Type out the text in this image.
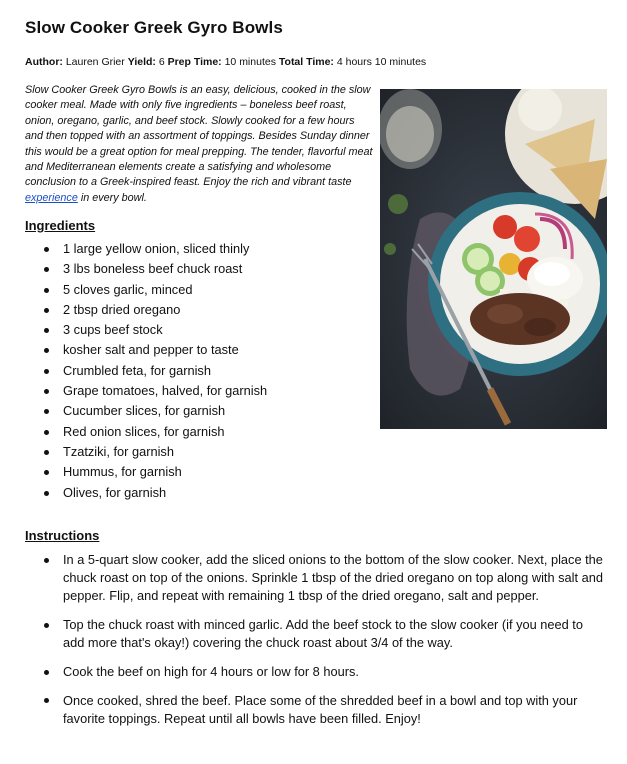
Slow Cooker Greek Gyro Bowls
Author: Lauren Grier Yield: 6 Prep Time: 10 minutes Total Time: 4 hours 10 minutes

Slow Cooker Greek Gyro Bowls is an easy, delicious, cooked in the slow cooker meal. Made with only five ingredients – boneless beef roast, onion, oregano, garlic, and beef stock. Slowly cooked for a few hours and then topped with an assortment of toppings. Besides Sunday dinner this would be a great option for meal prepping. The tender, flavorful meat and Mediterranean elements create a satisfying and wholesome conclusion to a Greek-inspired feast. Enjoy the rich and vibrant taste experience in every bowl.

Ingredients
1 large yellow onion, sliced thinly
3 lbs boneless beef chuck roast
5 cloves garlic, minced
2 tbsp dried oregano
3 cups beef stock
kosher salt and pepper to taste
Crumbled feta, for garnish
Grape tomatoes, halved, for garnish
Cucumber slices, for garnish
Red onion slices, for garnish
Tzatziki, for garnish
Hummus, for garnish
Olives, for garnish
Instructions
In a 5-quart slow cooker, add the sliced onions to the bottom of the slow cooker. Next, place the chuck roast on top of the onions. Sprinkle 1 tbsp of the dried oregano on top along with salt and pepper. Flip, and repeat with remaining 1 tbsp of the dried oregano, salt and pepper.
Top the chuck roast with minced garlic. Add the beef stock to the slow cooker (if you need to add more that's okay!) covering the chuck roast about 3/4 of the way.
Cook the beef on high for 4 hours or low for 8 hours.
Once cooked, shred the beef. Place some of the shredded beef in a bowl and top with your favorite toppings. Repeat until all bowls have been filled. Enjoy!
